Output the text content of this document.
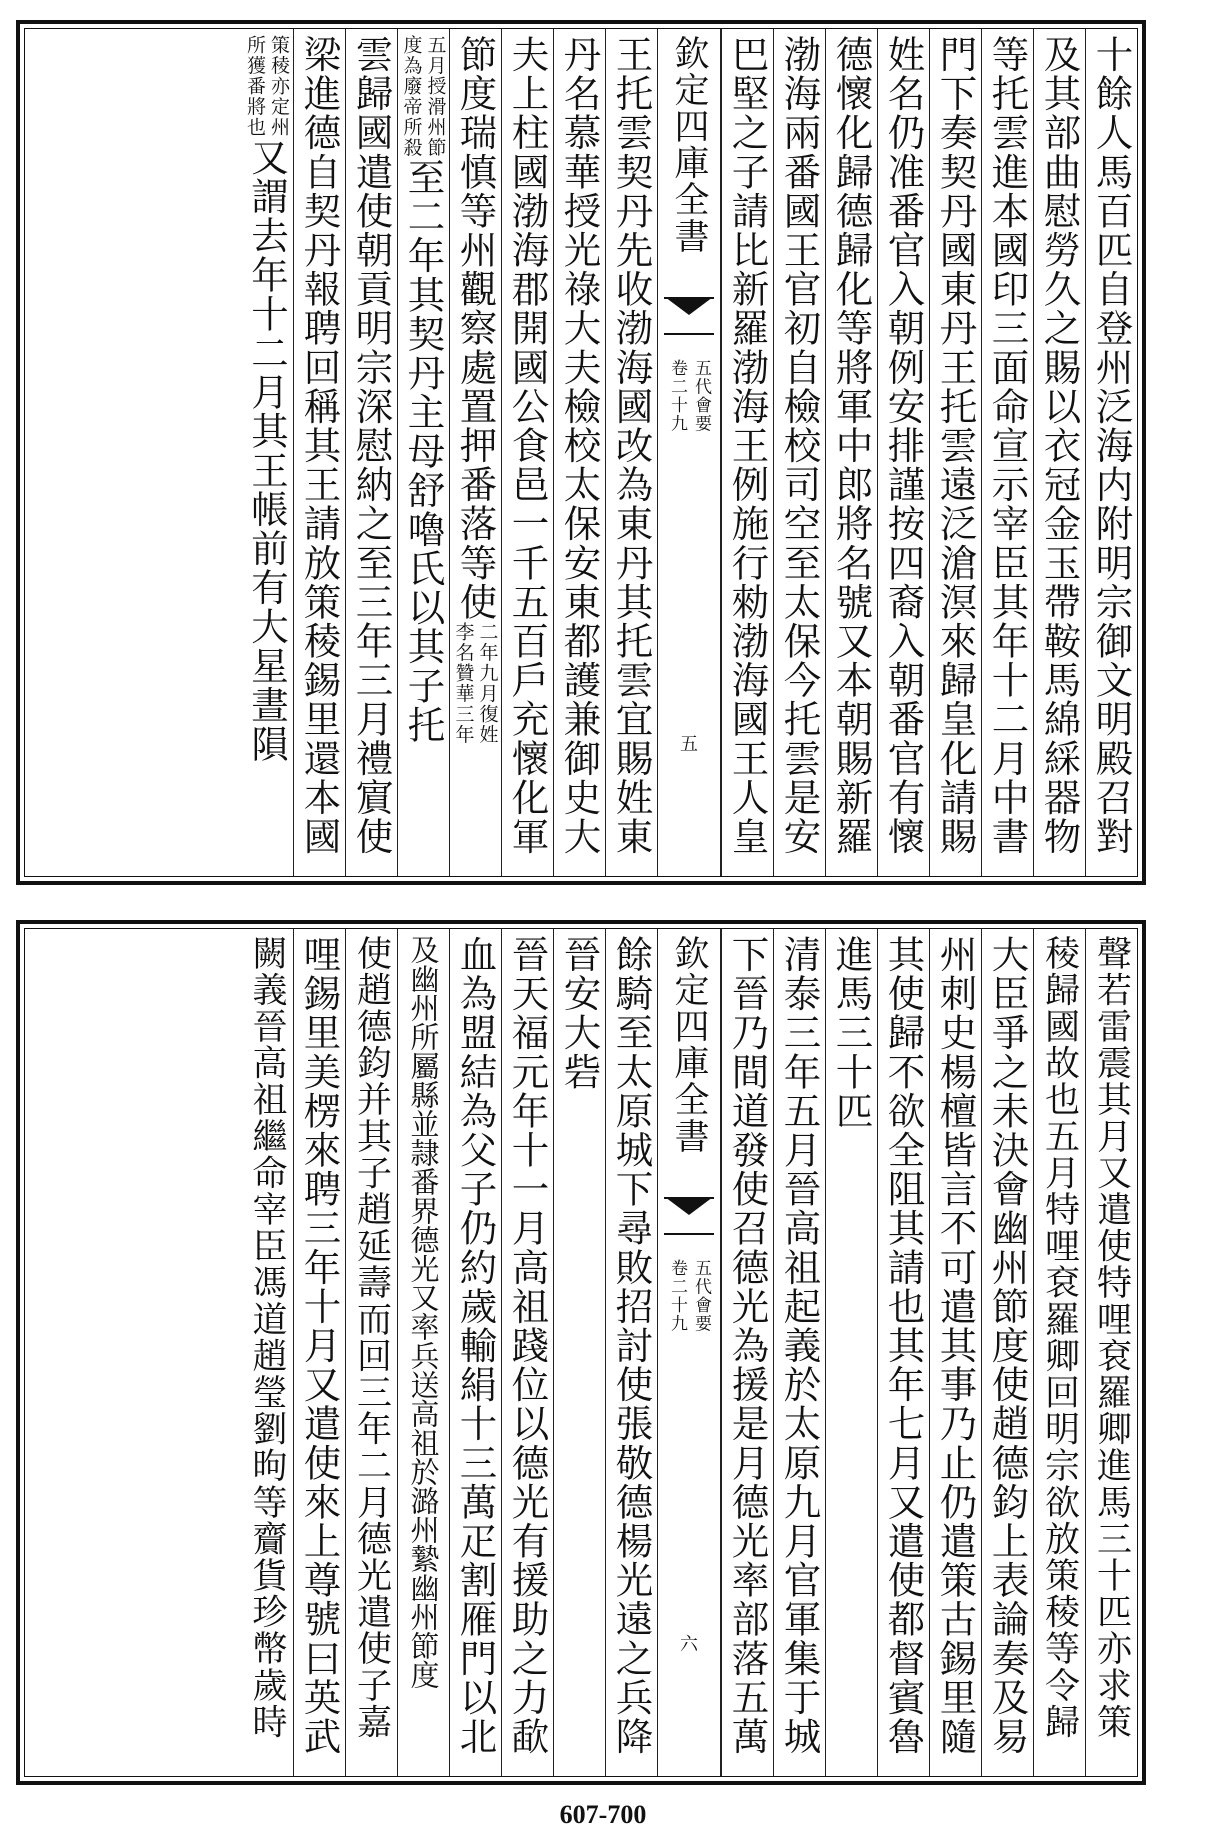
十餘人馬百匹自登州泛海内附明宗御文明殿召對
及其部曲慰勞久之賜以衣冠金玉帶鞍馬綿綵器物
等托雲進本國印三面命宣示宰臣其年十二月中書
門下奏契丹國東丹王托雲遠泛滄溟來歸皇化請賜
姓名仍准番官入朝例安排謹按四裔入朝番官有懷
德懷化歸德歸化等將軍中郎將名號又本朝賜新羅
渤海兩番國王官初自檢校司空至太保今托雲是安
巴堅之子請比新羅渤海王例施行勑渤海國王人皇
欽定四庫全書
五代會要
卷二十九
五
王托雲契丹先收渤海國改為東丹其托雲宜賜姓東
丹名慕華授光祿大夫檢校太保安東都護兼御史大
夫上柱國渤海郡開國公食邑一千五百戶充懷化軍
節度瑞慎等州觀察處置押番落等使
二年九月復姓
李名贊華三年
五月授滑州節
度為廢帝所殺
至二年其契丹主母舒嚕氏以其子托
雲歸國遣使朝貢明宗深慰納之至三年三月禮賔使
梁進德自契丹報聘回稱其王請放策稜錫里還本國
策稜亦定州
所獲番將也
又謂去年十二月其王帳前有大星晝隕
聲若雷震其月又遣使特哩袞羅卿進馬三十匹亦求策
稜歸國故也五月特哩袞羅卿回明宗欲放策稜等令歸
大臣爭之未決會幽州節度使趙德鈞上表論奏及易
州刺史楊檀皆言不可遣其事乃止仍遣策古錫里隨
其使歸不欲全阻其請也其年七月又遣使都督賓魯
進馬三十匹
清泰三年五月晉高祖起義於太原九月官軍集于城
下晉乃間道發使召德光為援是月德光率部落五萬
欽定四庫全書
五代會要
卷二十九
六
餘騎至太原城下尋敗招討使張敬德楊光遠之兵降
晉安大砦
晉天福元年十一月高祖踐位以德光有援助之力歃
血為盟結為父子仍約歲輸絹十三萬疋割雁門以北
及幽州所屬縣並隷番界德光又率兵送高祖於潞州縶幽州節度
使趙德鈞并其子趙延壽而回三年二月德光遣使子嘉
哩錫里美楞來聘三年十月又遣使來上尊號曰英武
闕義晉高祖繼命宰臣馮道趙瑩劉昫等齎貨珍幣歲時
607-700
